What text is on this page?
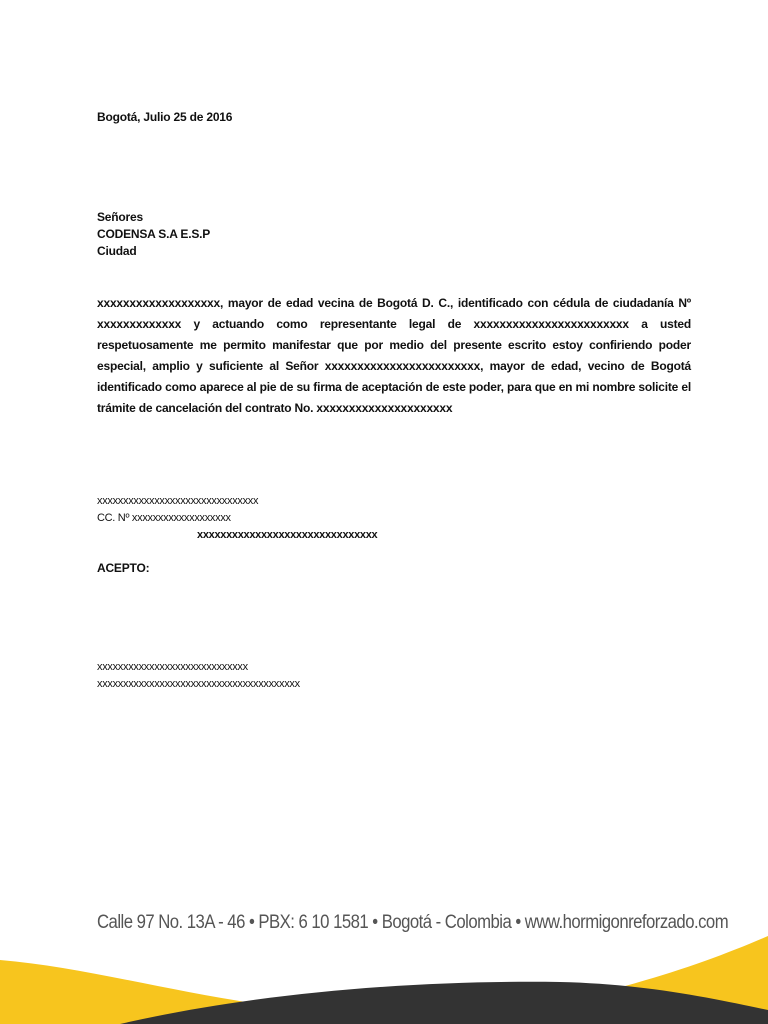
Bogotá, Julio 25 de 2016
Señores
CODENSA S.A E.S.P
Ciudad
xxxxxxxxxxxxxxxxxxx, mayor de edad vecina de Bogotá D. C., identificado con cédula de ciudadanía Nº xxxxxxxxxxxxx y actuando como representante legal de xxxxxxxxxxxxxxxxxxxxxxxx a usted respetuosamente me permito manifestar que por medio del presente escrito estoy confiriendo poder especial, amplio y suficiente al Señor xxxxxxxxxxxxxxxxxxxxxxxx, mayor de edad, vecino de Bogotá identificado como aparece al pie de su firma de aceptación de este poder, para que en mi nombre solicite el trámite de cancelación del contrato No. xxxxxxxxxxxxxxxxxxxxx
xxxxxxxxxxxxxxxxxxxxxxxxxxxxxxx
CC. Nº xxxxxxxxxxxxxxxxxxx
xxxxxxxxxxxxxxxxxxxxxxxxxxxxxxx
ACEPTO:
xxxxxxxxxxxxxxxxxxxxxxxxxxxxx
xxxxxxxxxxxxxxxxxxxxxxxxxxxxxxxxxxxxxxx
Calle 97 No. 13A - 46 • PBX: 6 10 1581 • Bogotá - Colombia • www.hormigonreforzado.com
